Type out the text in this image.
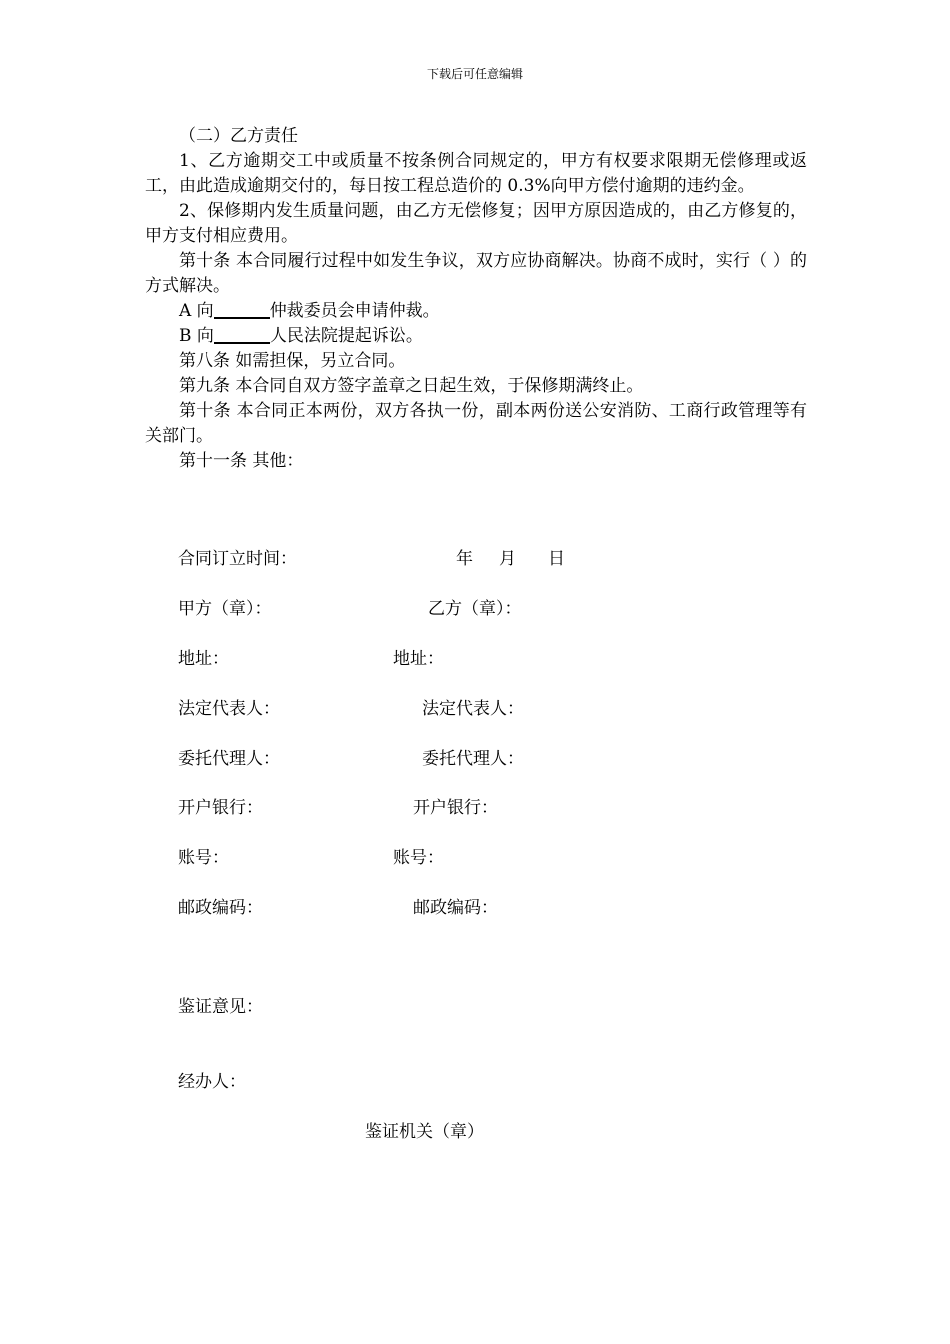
下载后可任意编辑

（二）乙方责任

1、乙方逾期交工中或质量不按条例合同规定的，甲方有权要求限期无偿修理或返工，由此造成逾期交付的，每日按工程总造价的 0.3%向甲方偿付逾期的违约金。

2、保修期内发生质量问题，由乙方无偿修复；因甲方原因造成的，由乙方修复的，甲方支付相应费用。

第十条 本合同履行过程中如发生争议，双方应协商解决。协商不成时，实行（ ）的方式解决。

A 向	仲裁委员会申请仲裁。

B 向	人民法院提起诉讼。

第八条 如需担保，另立合同。

第九条 本合同自双方签字盖章之日起生效，于保修期满终止。

第十条 本合同正本两份，双方各执一份，副本两份送公安消防、工商行政管理等有关部门。

第十一条 其他：

合同订立时间：	年 月 日
甲方（章）：	乙方（章）：
地址：	地址：
法定代表人：	法定代表人：
委托代理人：	委托代理人：
开户银行：	开户银行：
账号：	账号：
邮政编码：	邮政编码：
鉴证意见：
经办人：
鉴证机关（章）
